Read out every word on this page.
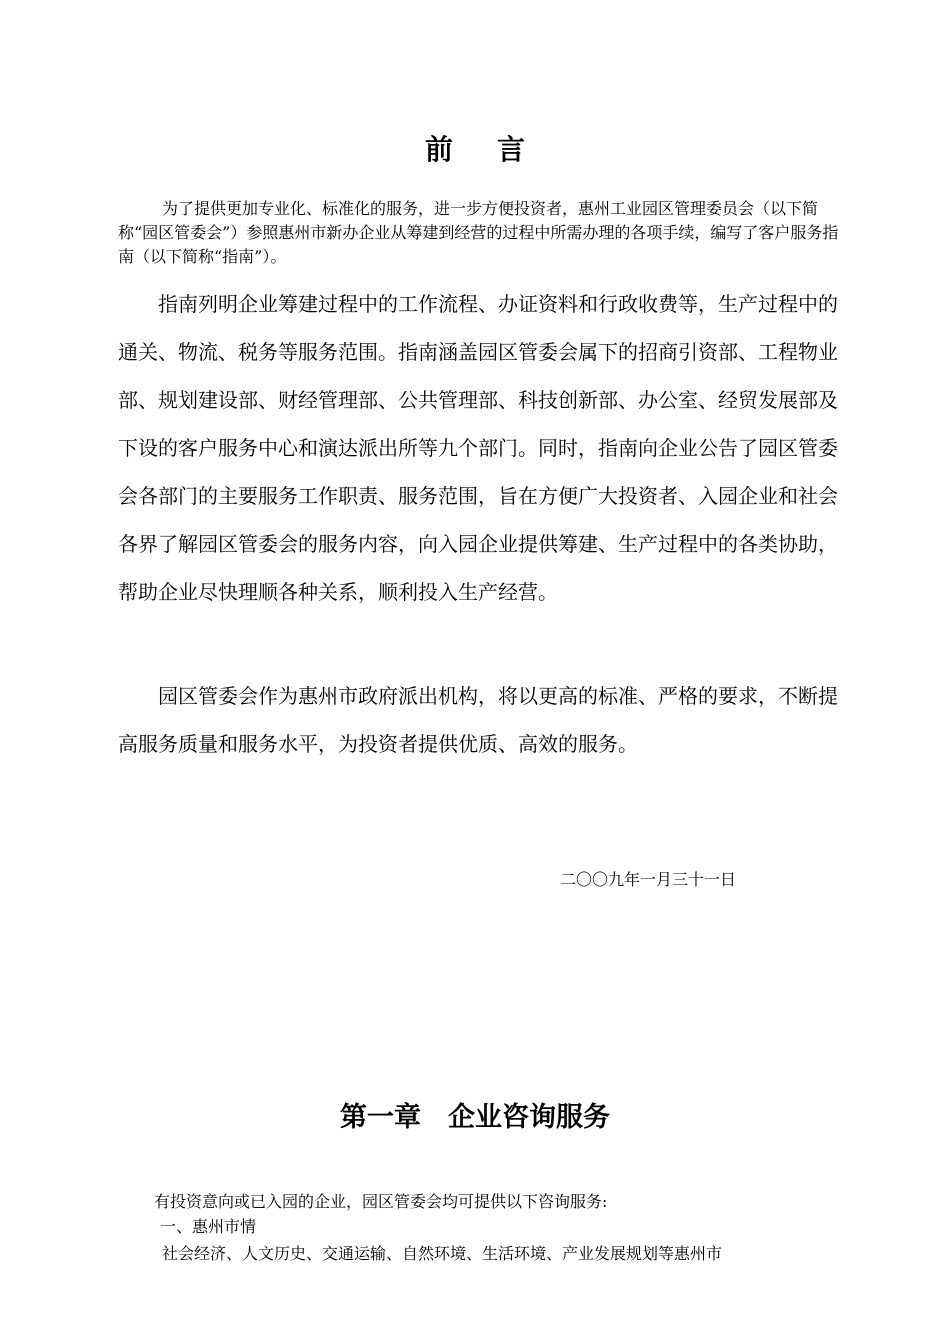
前言

为了提供更加专业化、标准化的服务，进一步方便投资者，惠州工业园区管理委员会（以下简称“园区管委会”）参照惠州市新办企业从筹建到经营的过程中所需办理的各项手续，编写了客户服务指南（以下简称“指南”）。

指南列明企业筹建过程中的工作流程、办证资料和行政收费等，生产过程中的通关、物流、税务等服务范围。指南涵盖园区管委会属下的招商引资部、工程物业部、规划建设部、财经管理部、公共管理部、科技创新部、办公室、经贸发展部及下设的客户服务中心和演达派出所等九个部门。同时，指南向企业公告了园区管委会各部门的主要服务工作职责、服务范围，旨在方便广大投资者、入园企业和社会各界了解园区管委会的服务内容，向入园企业提供筹建、生产过程中的各类协助，帮助企业尽快理顺各种关系，顺利投入生产经营。

园区管委会作为惠州市政府派出机构，将以更高的标准、严格的要求，不断提高服务质量和服务水平，为投资者提供优质、高效的服务。

二〇〇九年一月三十一日

第一章　企业咨询服务

有投资意向或已入园的企业，园区管委会均可提供以下咨询服务:

一、惠州市情

社会经济、人文历史、交通运输、自然环境、生活环境、产业发展规划等惠州市
